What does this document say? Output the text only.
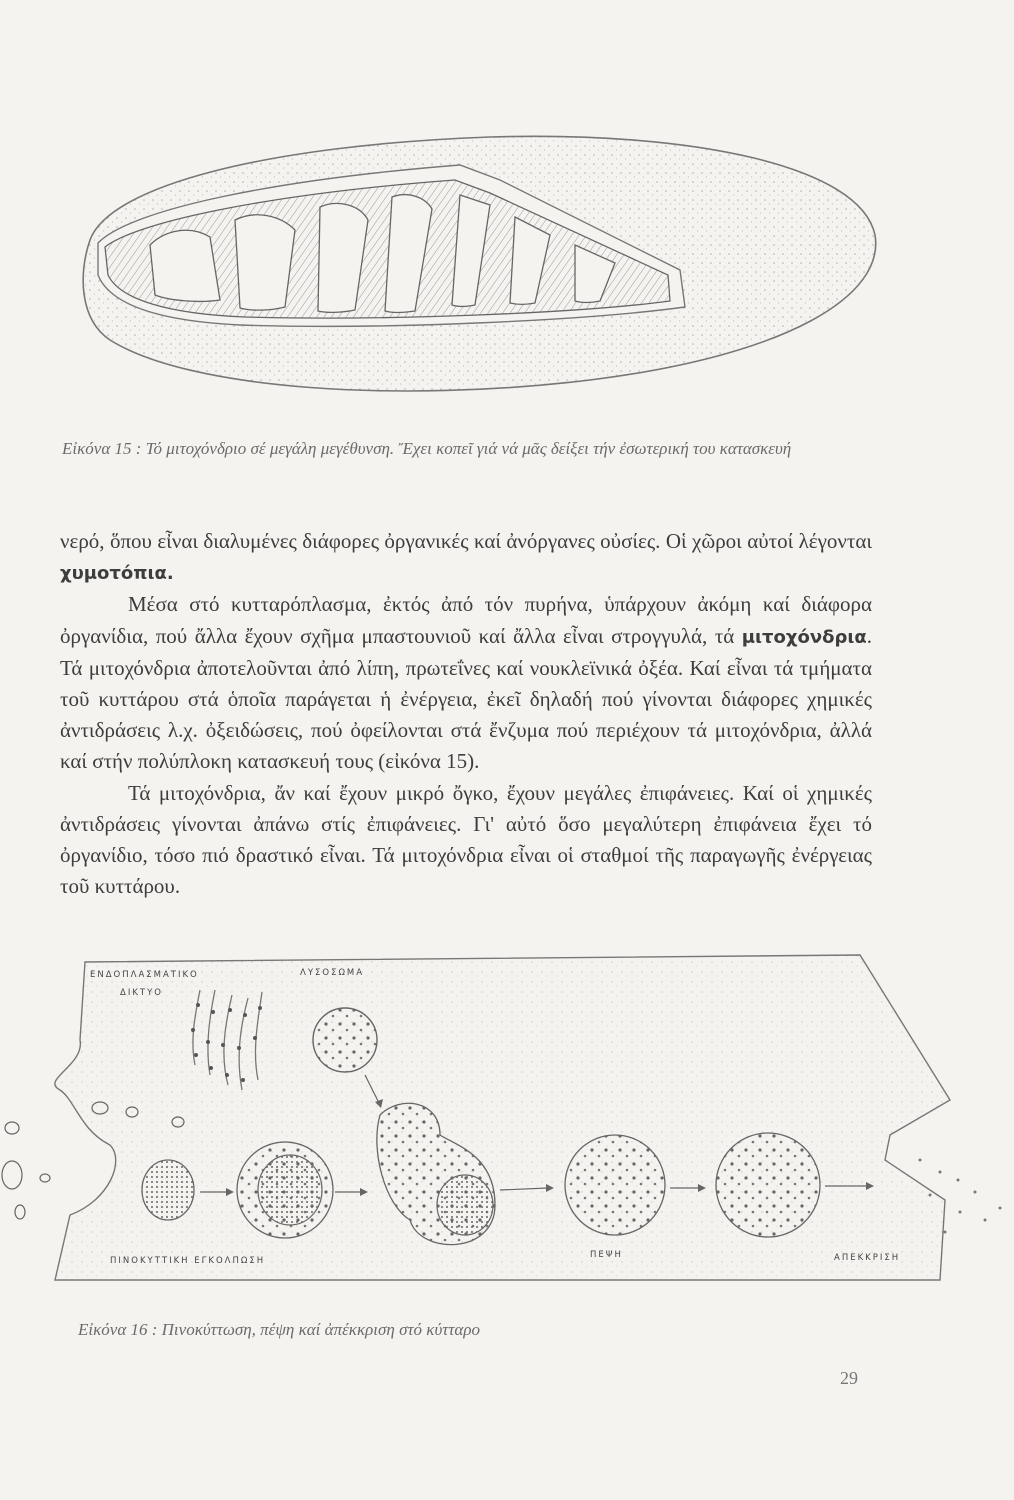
Εἰκόνα 15 : Τό μιτοχόνδριο σέ μεγάλη μεγέθυνση. Ἔχει κοπεῖ γιά νά μᾶς δείξει τήν ἐσωτερική του κατασκευή

νερό, ὅπου εἶναι διαλυμένες διάφορες ὀργανικές καί ἀνόργανες οὐσίες. Οἱ χῶροι αὐτοί λέγονται χυμοτόπια.

Μέσα στό κυτταρόπλασμα, ἐκτός ἀπό τόν πυρήνα, ὑπάρχουν ἀκόμη καί διάφορα ὀργανίδια, πού ἄλλα ἔχουν σχῆμα μπαστουνιοῦ καί ἄλλα εἶναι στρογγυλά, τά μιτοχόνδρια. Τά μιτοχόνδρια ἀποτελοῦνται ἀπό λίπη, πρωτεΐνες καί νουκλεϊνικά ὀξέα. Καί εἶναι τά τμήματα τοῦ κυττάρου στά ὁποῖα παράγεται ἡ ἐνέργεια, ἐκεῖ δηλαδή πού γίνονται διάφορες χημικές ἀντιδράσεις λ.χ. ὀξειδώσεις, πού ὀφείλονται στά ἔνζυμα πού περιέχουν τά μιτοχόνδρια, ἀλλά καί στήν πολύπλοκη κατασκευή τους (εἰκόνα 15).

Τά μιτοχόνδρια, ἄν καί ἔχουν μικρό ὄγκο, ἔχουν μεγάλες ἐπιφάνειες. Καί οἱ χημικές ἀντιδράσεις γίνονται ἀπάνω στίς ἐπιφάνειες. Γι' αὐτό ὅσο μεγαλύτερη ἐπιφάνεια ἔχει τό ὀργανίδιο, τόσο πιό δραστικό εἶναι. Τά μιτοχόνδρια εἶναι οἱ σταθμοί τῆς παραγωγῆς ἐνέργειας τοῦ κυττάρου.

ΕΝΔΟΠΛΑΣΜΑΤΙΚΟ
ΔΙΚΤΥΟ
ΛΥΣΟΣΩΜΑ
ΠΙΝΟΚΥΤΤΙΚΗ ΕΓΚΟΛΠΩΣΗ
ΠΕΨΗ	ΑΠΕΚΚΡΙΣΗ
Εἰκόνα 16 : Πινοκύττωση, πέψη καί ἀπέκκριση στό κύτταρο
29
